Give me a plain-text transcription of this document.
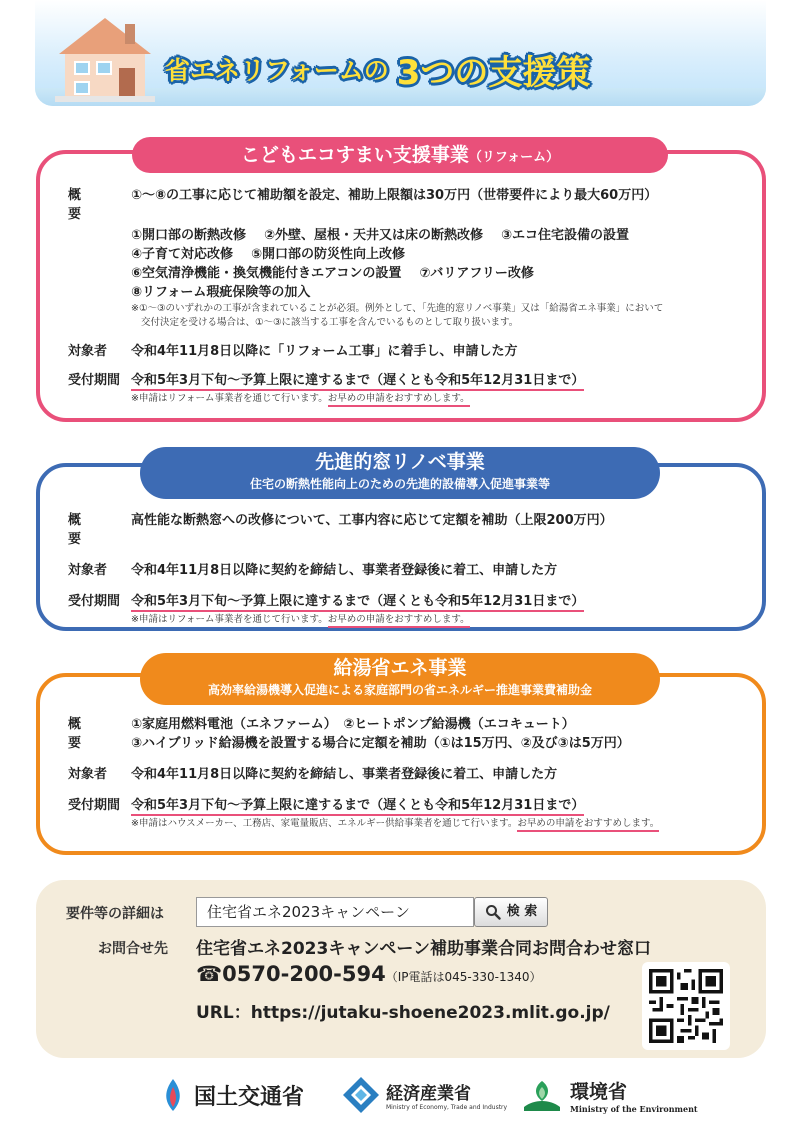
省エネリフォームの 3つの支援策
概 要
①〜⑧の工事に応じて補助額を設定、補助上限額は30万円（世帯要件により最大60万円）
①開口部の断熱改修 ②外壁、屋根・天井又は床の断熱改修 ③エコ住宅設備の設置
④子育て対応改修 ⑤開口部の防災性向上改修
⑥空気清浄機能・換気機能付きエアコンの設置 ⑦バリアフリー改修
⑧リフォーム瑕疵保険等の加入
※①〜③のいずれかの工事が含まれていることが必須。例外として、「先進的窓リノベ事業」又は「給湯省エネ事業」において
交付決定を受ける場合は、①〜③に該当する工事を含んでいるものとして取り扱います。
対象者	令和4年11月8日以降に「リフォーム工事」に着手し、申請した方
受付期間 令和5年3月下旬〜予算上限に達するまで（遅くとも令和5年12月31日まで）
※申請はリフォーム事業者を通じて行います。お早めの申請をおすすめします。
こどもエコすまい支援事業（リフォーム）
概 要
高性能な断熱窓への改修について、工事内容に応じて定額を補助（上限200万円）
対象者	令和4年11月8日以降に契約を締結し、事業者登録後に着工、申請した方
受付期間 令和5年3月下旬〜予算上限に達するまで（遅くとも令和5年12月31日まで）
※申請はリフォーム事業者を通じて行います。お早めの申請をおすすめします。
先進的窓リノベ事業
住宅の断熱性能向上のための先進的設備導入促進事業等
概 要
①家庭用燃料電池（エネファーム）　②ヒートポンプ給湯機（エコキュート）
③ハイブリッド給湯機を設置する場合に定額を補助（①は15万円、②及び③は5万円）
対象者	令和4年11月8日以降に契約を締結し、事業者登録後に着工、申請した方
受付期間 令和5年3月下旬〜予算上限に達するまで（遅くとも令和5年12月31日まで）
※申請はハウスメーカー、工務店、家電量販店、エネルギー供給事業者を通じて行います。お早めの申請をおすすめします。
給湯省エネ事業
高効率給湯機導入促進による家庭部門の省エネルギー推進事業費補助金
要件等の詳細は	住宅省エネ2023キャンペーン	検 索
お問合せ先 住宅省エネ2023キャンペーン補助事業合同お問合わせ窓口
☎0570-200-594（IP電話は045-330-1340）
URL：https://jutaku-shoene2023.mlit.go.jp/
国土交通省	経済産業省
Ministry of Economy, Trade and Industry
環境省
Ministry of the Environment
